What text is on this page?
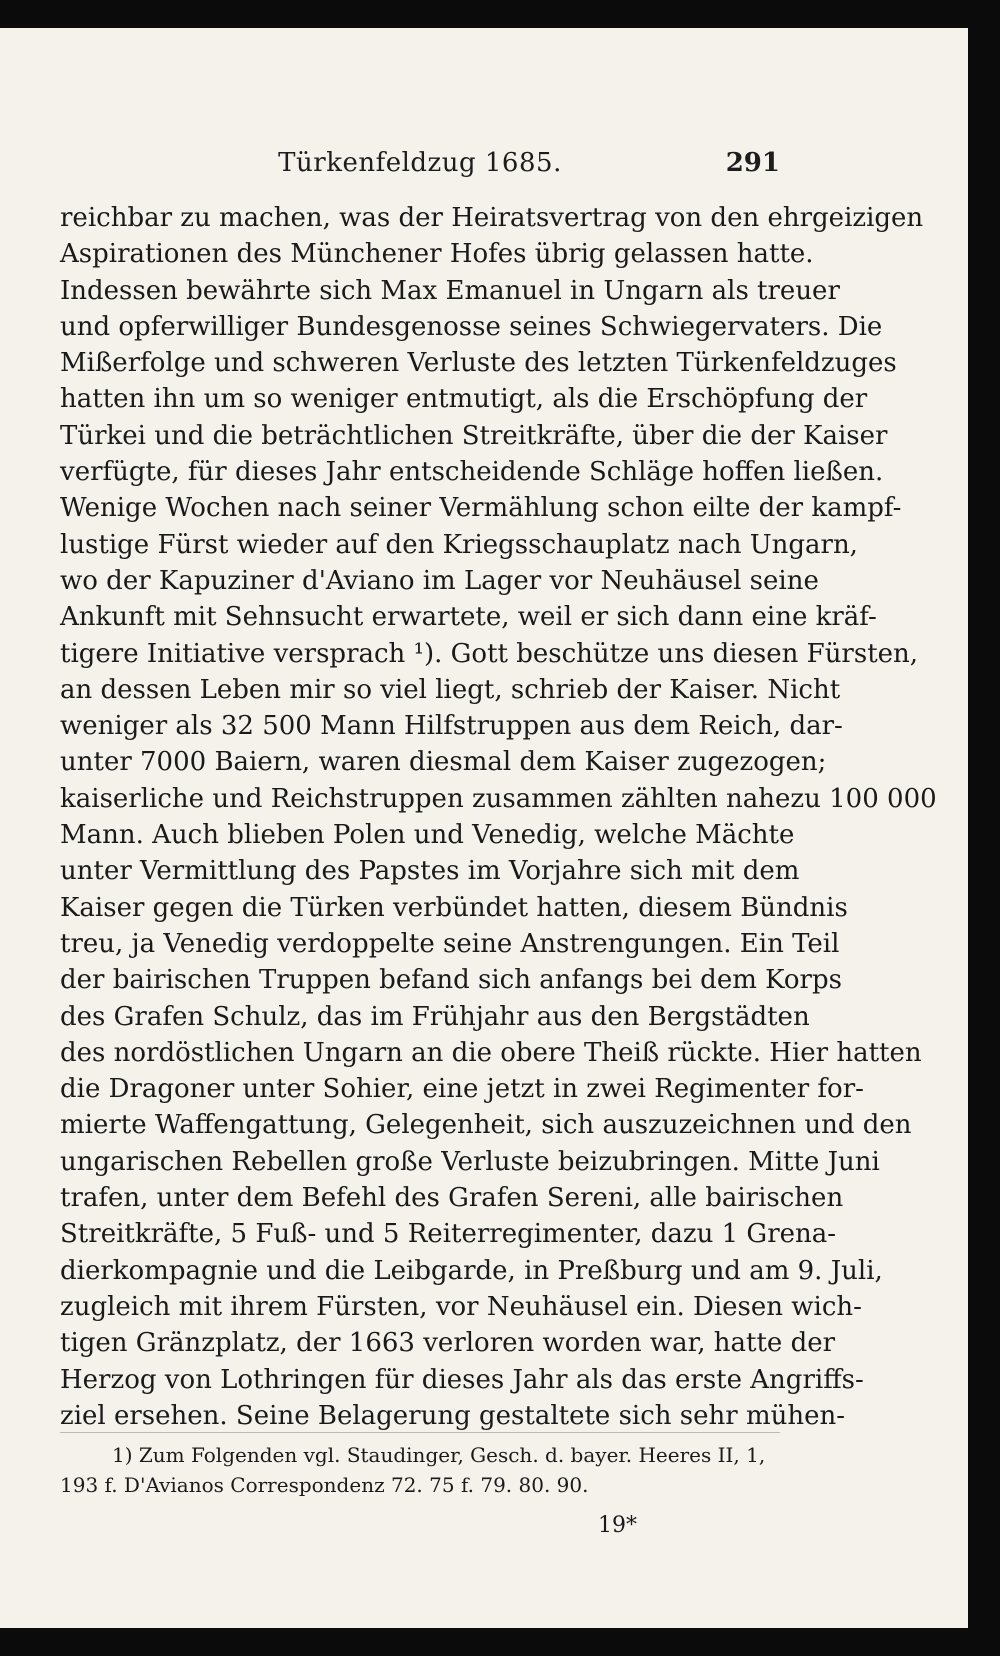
Türkenfeldzug 1685.	291
reichbar zu machen, was der Heiratsvertrag von den ehrgeizigen
Aspirationen des Münchener Hofes übrig gelassen hatte.
Indessen bewährte sich Max Emanuel in Ungarn als treuer
und opferwilliger Bundesgenosse seines Schwiegervaters. Die
Mißerfolge und schweren Verluste des letzten Türkenfeldzuges
hatten ihn um so weniger entmutigt, als die Erschöpfung der
Türkei und die beträchtlichen Streitkräfte, über die der Kaiser
verfügte, für dieses Jahr entscheidende Schläge hoffen ließen.
Wenige Wochen nach seiner Vermählung schon eilte der kampf-
lustige Fürst wieder auf den Kriegsschauplatz nach Ungarn,
wo der Kapuziner d'Aviano im Lager vor Neuhäusel seine
Ankunft mit Sehnsucht erwartete, weil er sich dann eine kräf-
tigere Initiative versprach ¹). Gott beschütze uns diesen Fürsten,
an dessen Leben mir so viel liegt, schrieb der Kaiser. Nicht
weniger als 32 500 Mann Hilfstruppen aus dem Reich, dar-
unter 7000 Baiern, waren diesmal dem Kaiser zugezogen;
kaiserliche und Reichstruppen zusammen zählten nahezu 100 000
Mann. Auch blieben Polen und Venedig, welche Mächte
unter Vermittlung des Papstes im Vorjahre sich mit dem
Kaiser gegen die Türken verbündet hatten, diesem Bündnis
treu, ja Venedig verdoppelte seine Anstrengungen. Ein Teil
der bairischen Truppen befand sich anfangs bei dem Korps
des Grafen Schulz, das im Frühjahr aus den Bergstädten
des nordöstlichen Ungarn an die obere Theiß rückte. Hier hatten
die Dragoner unter Sohier, eine jetzt in zwei Regimenter for-
mierte Waffengattung, Gelegenheit, sich auszuzeichnen und den
ungarischen Rebellen große Verluste beizubringen. Mitte Juni
trafen, unter dem Befehl des Grafen Sereni, alle bairischen
Streitkräfte, 5 Fuß- und 5 Reiterregimenter, dazu 1 Grena-
dierkompagnie und die Leibgarde, in Preßburg und am 9. Juli,
zugleich mit ihrem Fürsten, vor Neuhäusel ein. Diesen wich-
tigen Gränzplatz, der 1663 verloren worden war, hatte der
Herzog von Lothringen für dieses Jahr als das erste Angriffs-
ziel ersehen. Seine Belagerung gestaltete sich sehr mühen-
1) Zum Folgenden vgl. Staudinger, Gesch. d. bayer. Heeres II, 1,
193 f. D'Avianos Correspondenz 72. 75 f. 79. 80. 90.
19*
